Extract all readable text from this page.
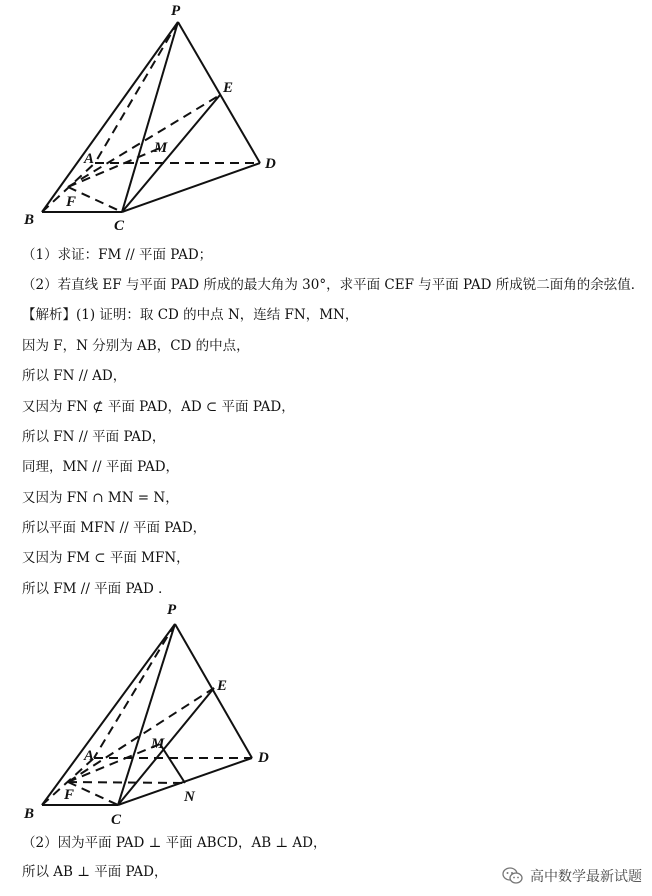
P
E
A
M
D
B
F
C
（1）求证：FM // 平面 PAD；
（2）若直线 EF 与平面 PAD 所成的最大角为 30°，求平面 CEF 与平面 PAD 所成锐二面角的余弦值．
【解析】(1) 证明：取 CD 的中点 N，连结 FN，MN，
因为 F，N 分别为 AB，CD 的中点，
所以 FN // AD，
又因为 FN ⊄ 平面 PAD，AD ⊂ 平面 PAD，
所以 FN // 平面 PAD，
同理，MN // 平面 PAD，
又因为 FN ∩ MN = N，
所以平面 MFN // 平面 PAD，
又因为 FM ⊂ 平面 MFN，
所以 FM // 平面 PAD ．
P
E
A
M
D
B
F
C
N
（2）因为平面 PAD ⊥ 平面 ABCD，AB ⊥ AD，
所以 AB ⊥ 平面 PAD，	高中数学最新试题
